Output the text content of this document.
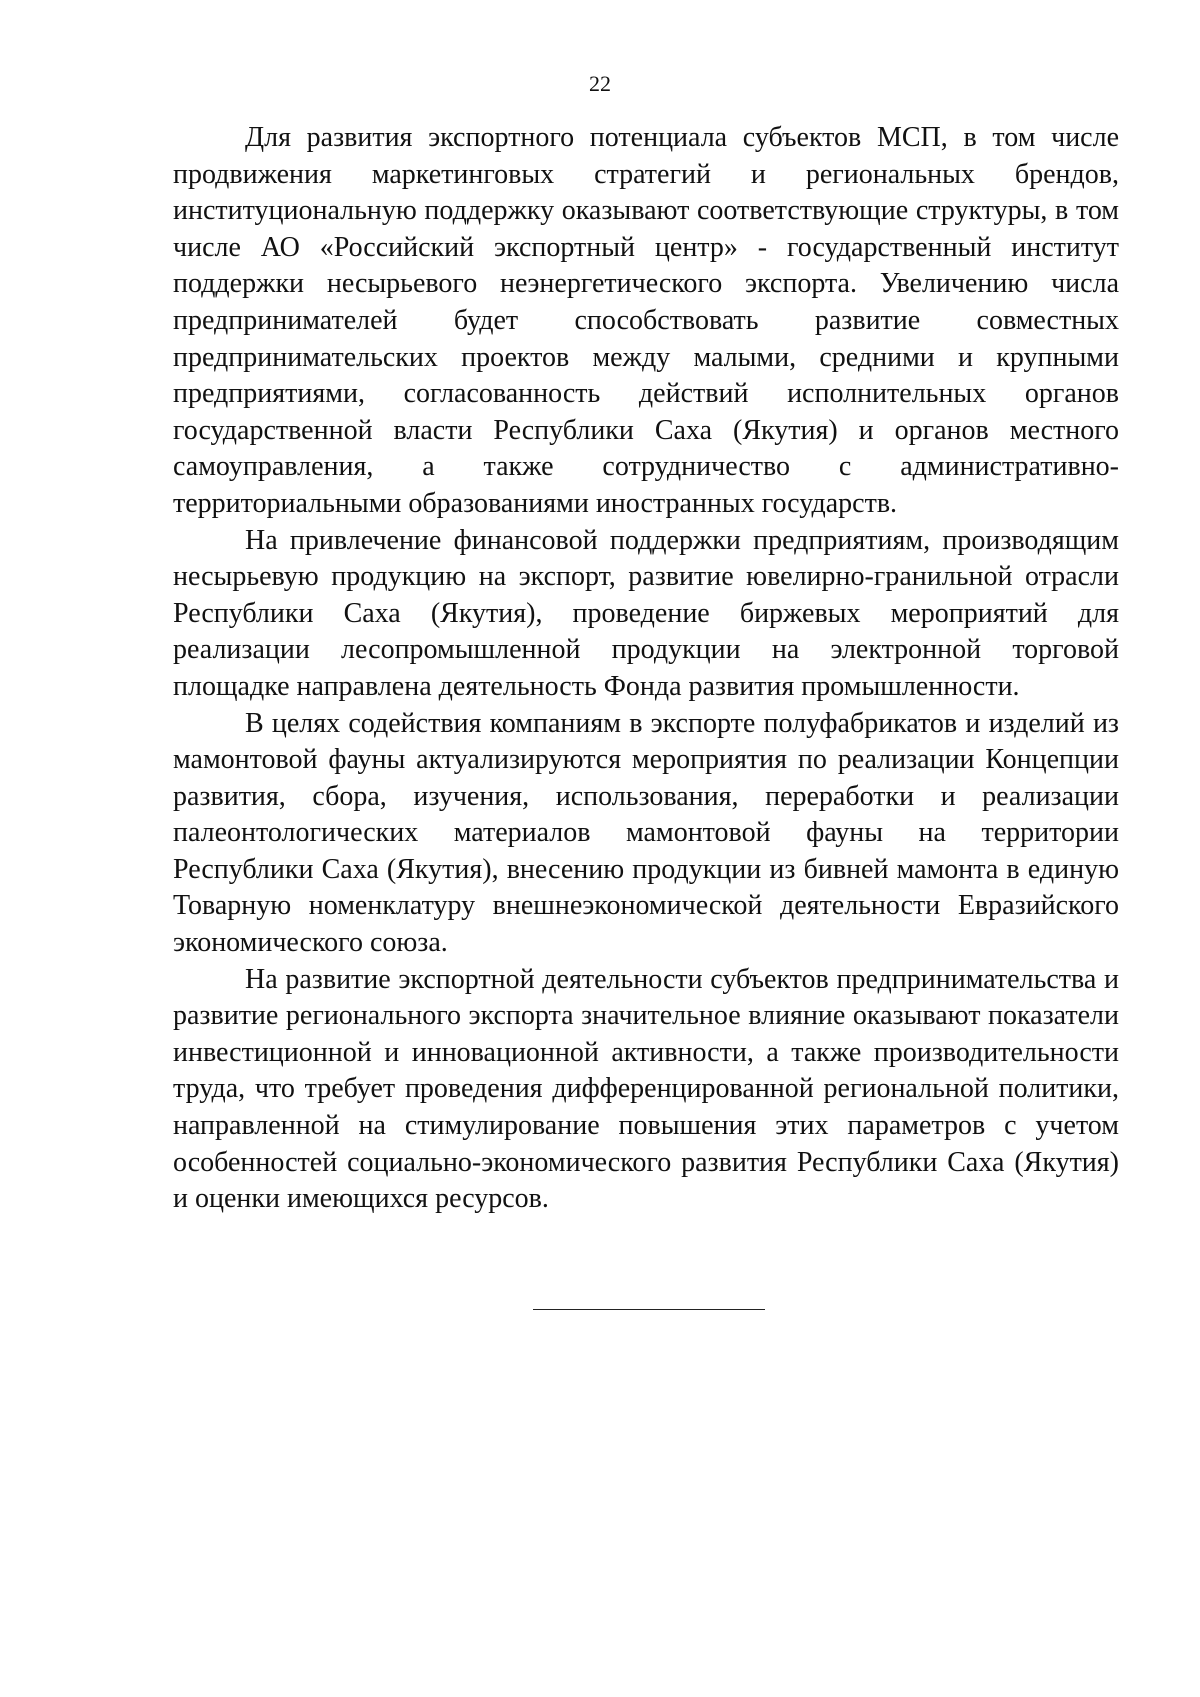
22

Для развития экспортного потенциала субъектов МСП, в том числе продвижения маркетинговых стратегий и региональных брендов, институциональную поддержку оказывают соответствующие структуры, в том числе АО «Российский экспортный центр» - государственный институт поддержки несырьевого неэнергетического экспорта. Увеличению числа предпринимателей будет способствовать развитие совместных предпринимательских проектов между малыми, средними и крупными предприятиями, согласованность действий исполнительных органов государственной власти Республики Саха (Якутия) и органов местного самоуправления, а также сотрудничество с административно-территориальными образованиями иностранных государств.

На привлечение финансовой поддержки предприятиям, производящим несырьевую продукцию на экспорт, развитие ювелирно-гранильной отрасли Республики Саха (Якутия), проведение биржевых мероприятий для реализации лесопромышленной продукции на электронной торговой площадке направлена деятельность Фонда развития промышленности.

В целях содействия компаниям в экспорте полуфабрикатов и изделий из мамонтовой фауны актуализируются мероприятия по реализации Концепции развития, сбора, изучения, использования, переработки и реализации палеонтологических материалов мамонтовой фауны на территории Республики Саха (Якутия), внесению продукции из бивней мамонта в единую Товарную номенклатуру внешнеэкономической деятельности Евразийского экономического союза.

На развитие экспортной деятельности субъектов предпринимательства и развитие регионального экспорта значительное влияние оказывают показатели инвестиционной и инновационной активности, а также производительности труда, что требует проведения дифференцированной региональной политики, направленной на стимулирование повышения этих параметров с учетом особенностей социально-экономического развития Республики Саха (Якутия) и оценки имеющихся ресурсов.
